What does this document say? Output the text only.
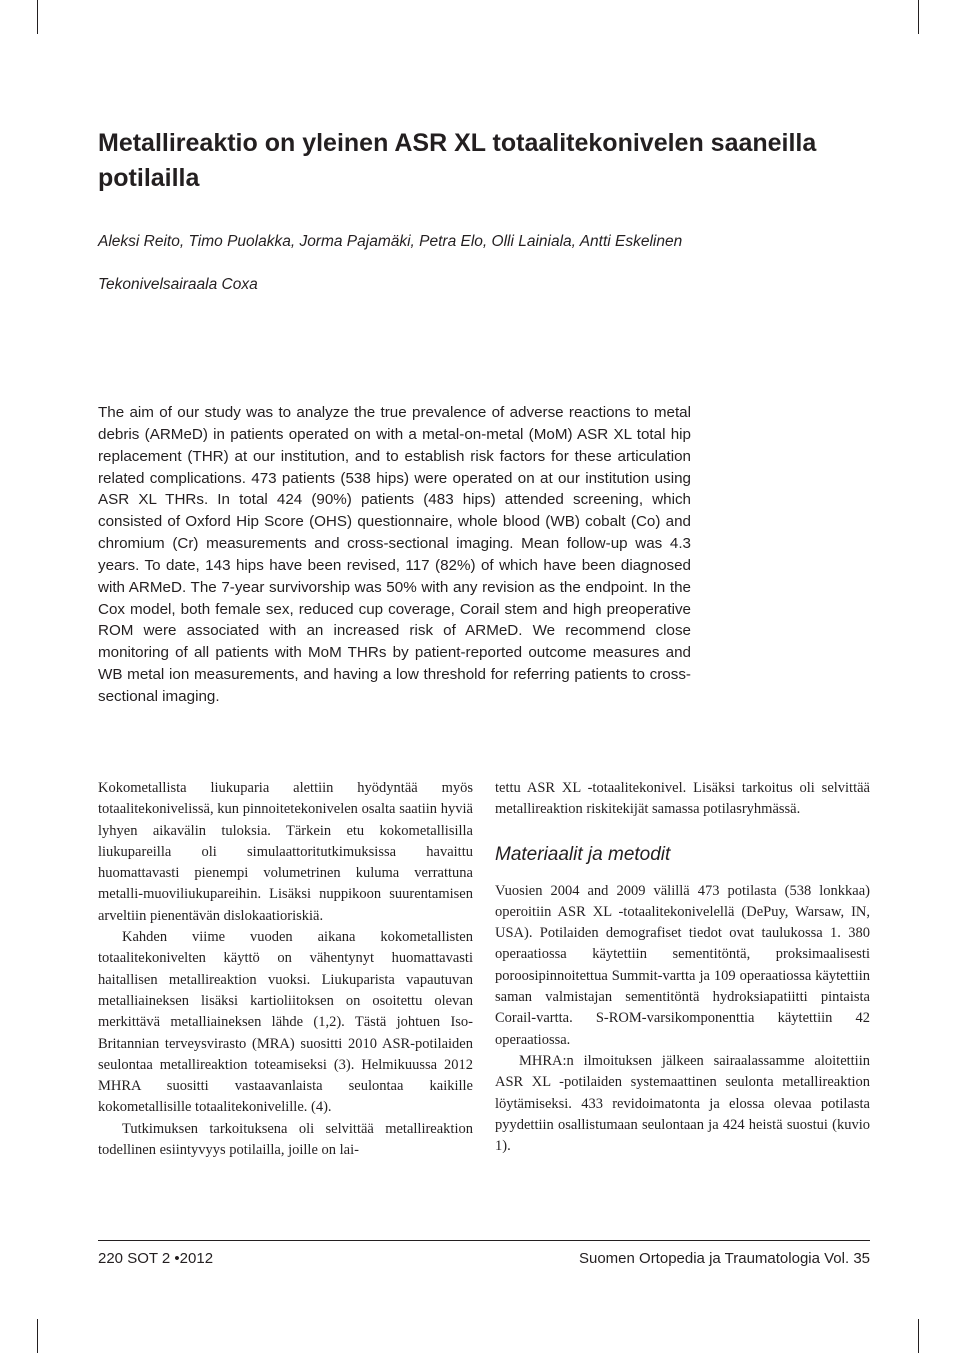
Metallireaktio on yleinen ASR XL totaalitekonivelen saaneilla potilailla

Aleksi Reito, Timo Puolakka, Jorma Pajamäki, Petra Elo, Olli Lainiala, Antti Eskelinen

Tekonivelsairaala Coxa

The aim of our study was to analyze the true prevalence of adverse reactions to metal debris (ARMeD) in patients operated on with a metal-on-metal (MoM) ASR XL total hip replacement (THR) at our institution, and to establish risk factors for these articulation related complications. 473 patients (538 hips) were operated on at our institution using ASR XL THRs. In total 424 (90%) patients (483 hips) attended screening, which consisted of Oxford Hip Score (OHS) questionnaire, whole blood (WB) cobalt (Co) and chromium (Cr) measurements and cross-sectional imaging. Mean follow-up was 4.3 years. To date, 143 hips have been revised, 117 (82%) of which have been diagnosed with ARMeD. The 7-year survivorship was 50% with any revision as the endpoint. In the Cox model, both female sex, reduced cup coverage, Corail stem and high preoperative ROM were associated with an increased risk of ARMeD. We recommend close monitoring of all patients with MoM THRs by patient-reported outcome measures and WB metal ion measurements, and having a low threshold for referring patients to cross-sectional imaging.

Kokometallista liukuparia alettiin hyödyntää myös totaalitekonivelissä, kun pinnoitetekonivelen osalta saatiin hyviä lyhyen aikavälin tuloksia. Tärkein etu kokometallisilla liukupareilla oli simulaattoritutkimuksissa havaittu huomattavasti pienempi volumetrinen kuluma verrattuna metalli-muoviliukupareihin. Lisäksi nuppikoon suurentamisen arveltiin pienentävän dislokaatioriskiä.

Kahden viime vuoden aikana kokometallisten totaalitekonivelten käyttö on vähentynyt huomattavasti haitallisen metallireaktion vuoksi. Liukuparista vapautuvan metalliaineksen lisäksi kartioliitoksen on osoitettu olevan merkittävä metalliaineksen lähde (1,2). Tästä johtuen Iso-Britannian terveysvirasto (MRA) suositti 2010 ASR-potilaiden seulontaa metallireaktion toteamiseksi (3). Helmikuussa 2012 MHRA suositti vastaavanlaista seulontaa kaikille kokometallisille totaalitekonivelille. (4).

Tutkimuksen tarkoituksena oli selvittää metallireaktion todellinen esiintyvyys potilailla, joille on lai-

tettu ASR XL -totaalitekonivel. Lisäksi tarkoitus oli selvittää metallireaktion riskitekijät samassa potilasryhmässä.

Materiaalit ja metodit

Vuosien 2004 and 2009 välillä 473 potilasta (538 lonkkaa) operoitiin ASR XL -totaalitekonivelellä (DePuy, Warsaw, IN, USA). Potilaiden demografiset tiedot ovat taulukossa 1. 380 operaatiossa käytettiin sementitöntä, proksimaalisesti poroosipinnoitettua Summit-vartta ja 109 operaatiossa käytettiin saman valmistajan sementitöntä hydroksiapatiitti pintaista Corail-vartta. S-ROM-varsikomponenttia käytettiin 42 operaatiossa.

MHRA:n ilmoituksen jälkeen sairaalassamme aloitettiin ASR XL -potilaiden systemaattinen seulonta metallireaktion löytämiseksi. 433 revidoimatonta ja elossa olevaa potilasta pyydettiin osallistumaan seulontaan ja 424 heistä suostui (kuvio 1).

220 SOT 2 •2012	Suomen Ortopedia ja Traumatologia Vol. 35
